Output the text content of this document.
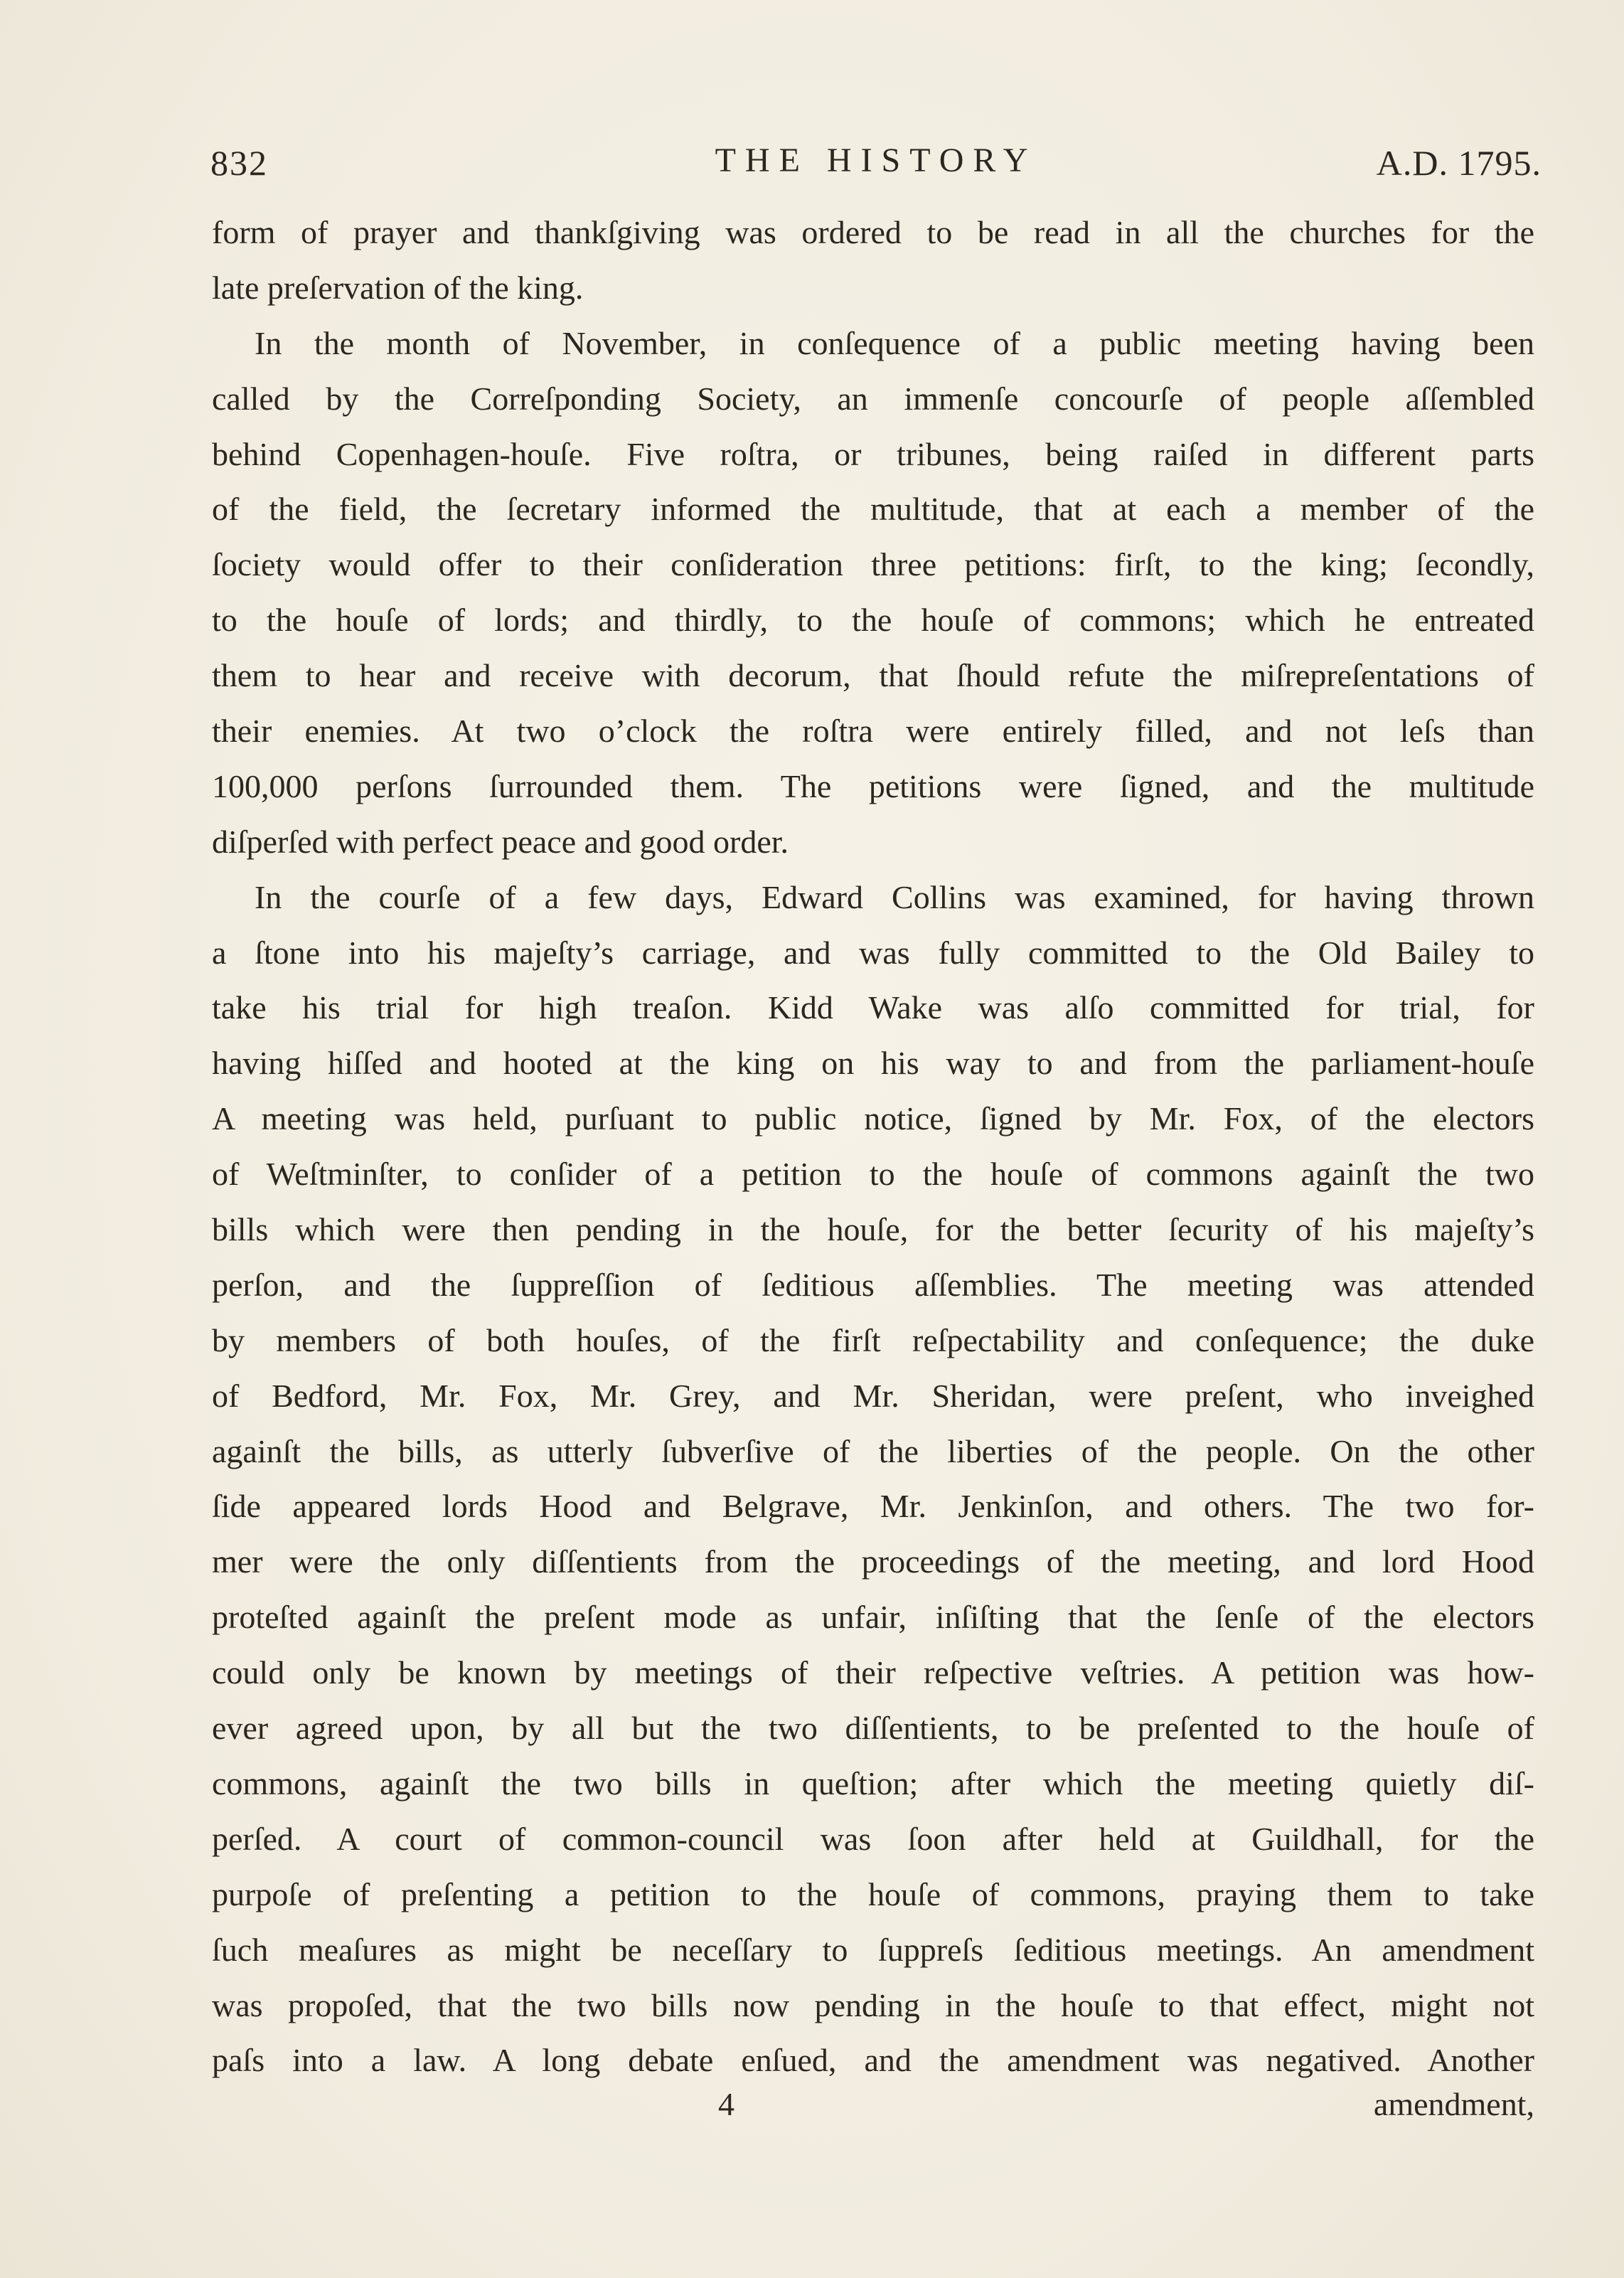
832	THE HISTORY	A.D. 1795.
form of prayer and thankſgiving was ordered to be read in all the churches for the
late preſervation of the king.
In the month of November, in conſequence of a public meeting having been
called by the Correſponding Society, an immenſe concourſe of people aſſembled
behind Copenhagen-houſe. Five roſtra, or tribunes, being raiſed in different parts
of the field, the ſecretary informed the multitude, that at each a member of the
ſociety would offer to their conſideration three petitions: firſt, to the king; ſecondly,
to the houſe of lords; and thirdly, to the houſe of commons; which he entreated
them to hear and receive with decorum, that ſhould refute the miſrepreſentations of
their enemies. At two o’clock the roſtra were entirely filled, and not leſs than
100,000 perſons ſurrounded them. The petitions were ſigned, and the multitude
diſperſed with perfect peace and good order.
In the courſe of a few days, Edward Collins was examined, for having thrown
a ſtone into his majeſty’s carriage, and was fully committed to the Old Bailey to
take his trial for high treaſon. Kidd Wake was alſo committed for trial, for
having hiſſed and hooted at the king on his way to and from the parliament-houſe
A meeting was held, purſuant to public notice, ſigned by Mr. Fox, of the electors
of Weſtminſter, to conſider of a petition to the houſe of commons againſt the two
bills which were then pending in the houſe, for the better ſecurity of his majeſty’s
perſon, and the ſuppreſſion of ſeditious aſſemblies. The meeting was attended
by members of both houſes, of the firſt reſpectability and conſequence; the duke
of Bedford, Mr. Fox, Mr. Grey, and Mr. Sheridan, were preſent, who inveighed
againſt the bills, as utterly ſubverſive of the liberties of the people. On the other
ſide appeared lords Hood and Belgrave, Mr. Jenkinſon, and others. The two for-
mer were the only diſſentients from the proceedings of the meeting, and lord Hood
proteſted againſt the preſent mode as unfair, inſiſting that the ſenſe of the electors
could only be known by meetings of their reſpective veſtries. A petition was how-
ever agreed upon, by all but the two diſſentients, to be preſented to the houſe of
commons, againſt the two bills in queſtion; after which the meeting quietly diſ-
perſed. A court of common-council was ſoon after held at Guildhall, for the
purpoſe of preſenting a petition to the houſe of commons, praying them to take
ſuch meaſures as might be neceſſary to ſuppreſs ſeditious meetings. An amendment
was propoſed, that the two bills now pending in the houſe to that effect, might not
paſs into a law. A long debate enſued, and the amendment was negatived. Another
4	amendment,
